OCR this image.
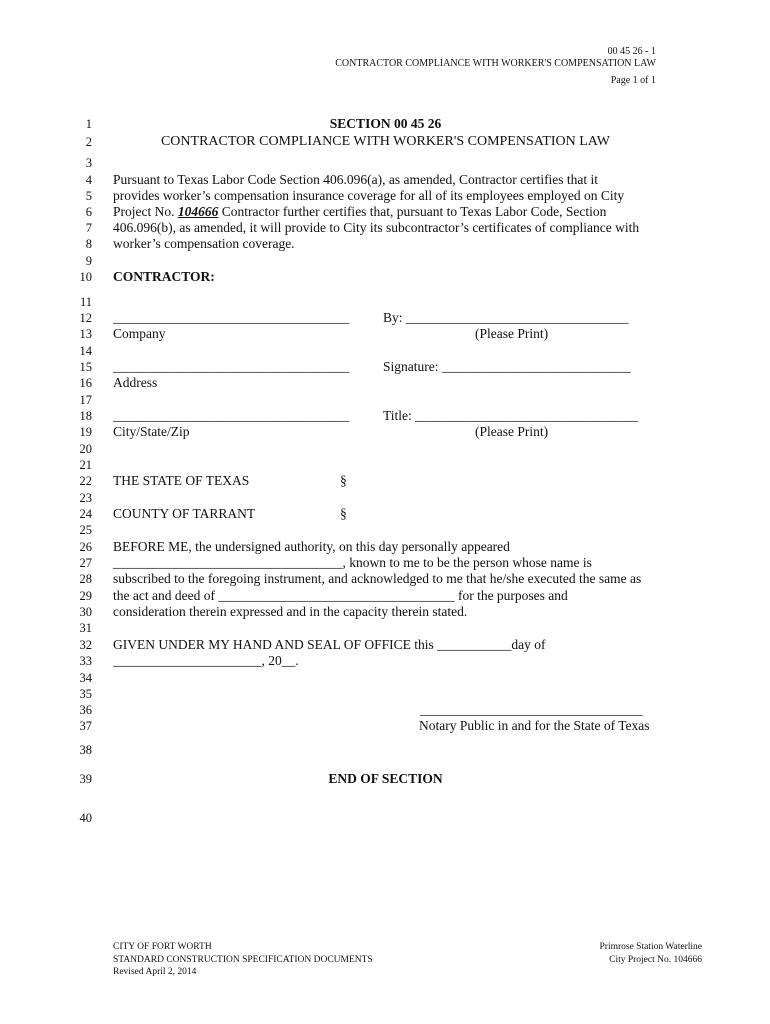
00 45 26 - 1
CONTRACTOR COMPLIANCE WITH WORKER'S COMPENSATION LAW
Page 1 of 1
1
2
3
4
5
6
7
8
9
10
11
12
13
14
15
16
17
18
19
20
21
22
23
24
25
26
27
28
29
30
31
32
33
34
35
36
37
38
39
40
SECTION 00 45 26
CONTRACTOR COMPLIANCE WITH WORKER'S COMPENSATION LAW
Pursuant to Texas Labor Code Section 406.096(a), as amended, Contractor certifies that it
provides worker’s compensation insurance coverage for all of its employees employed on City
Project No. 104666 Contractor further certifies that, pursuant to Texas Labor Code, Section
406.096(b), as amended, it will provide to City its subcontractor’s certificates of compliance with
worker’s compensation coverage.
CONTRACTOR:
___________________________________	By: _________________________________
Company	(Please Print)
___________________________________	Signature: ____________________________
Address
___________________________________	Title: _________________________________
City/State/Zip	(Please Print)
THE STATE OF TEXAS	§
COUNTY OF TARRANT	§
BEFORE ME, the undersigned authority, on this day personally appeared
__________________________________, known to me to be the person whose name is
subscribed to the foregoing instrument, and acknowledged to me that he/she executed the same as
the act and deed of ___________________________________ for the purposes and
consideration therein expressed and in the capacity therein stated.
GIVEN UNDER MY HAND AND SEAL OF OFFICE this ___________day of
______________________, 20__.
_________________________________
Notary Public in and for the State of Texas
END OF SECTION
CITY OF FORT WORTH
STANDARD CONSTRUCTION SPECIFICATION DOCUMENTS
Revised April 2, 2014
Primrose Station Waterline
City Project No. 104666
